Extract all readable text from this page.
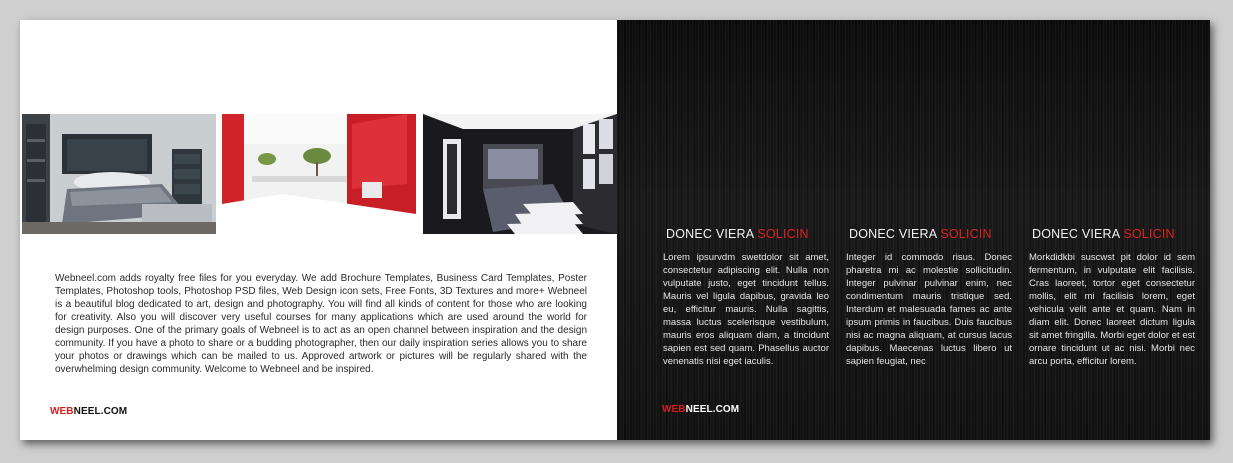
Webneel.com adds royalty free files for you everyday. We add Brochure Templates, Business Card Templates, Poster Templates, Photoshop tools, Photoshop PSD files, Web Design icon sets, Free Fonts, 3D Textures and more+ Webneel is a beautiful blog dedicated to art, design and photography. You will find all kinds of content for those who are looking for creativity. Also you will discover very useful courses for many applications which are used around the world for design purposes. One of the primary goals of Webneel is to act as an open channel between inspiration and the design community. If you have a photo to share or a budding photographer, then our daily inspiration series allows you to share your photos or drawings which can be mailed to us. Approved artwork or pictures will be regularly shared with the overwhelming design community. Welcome to Webneel and be inspired.

WEBNEEL.COM
DONEC VIERA SOLICIN
Lorem ipsurvdm swetdolor sit amet, consectetur adipiscing elit. Nulla non vulputate justo, eget tincidunt tellus. Mauris vel ligula dapibus, gravida leo eu, efficitur mauris. Nulla sagittis, massa luctus scelerisque vestibulum, mauris eros aliquam diam, a tincidunt sapien est sed quam. Phasellus auctor venenatis nisi eget iaculis.
DONEC VIERA SOLICIN
Integer id commodo risus. Donec pharetra mi ac molestie sollicitudin. Integer pulvinar pulvinar enim, nec condimentum mauris tristique sed. Interdum et malesuada fames ac ante ipsum primis in faucibus. Duis faucibus nisi ac magna aliquam, at cursus lacus dapibus. Maecenas luctus libero ut sapien feugiat, nec
DONEC VIERA SOLICIN
Morkdidkbi suscwst pit dolor id sem fermentum, in vulputate elit facilisis. Cras laoreet, tortor eget consectetur mollis, elit mi facilisis lorem, eget vehicula velit ante et quam. Nam in diam elit. Donec laoreet dictum ligula sit amet fringilla. Morbi eget dolor et est ornare tincidunt ut ac nisi. Morbi nec arcu porta, efficitur lorem.
WEBNEEL.COM
